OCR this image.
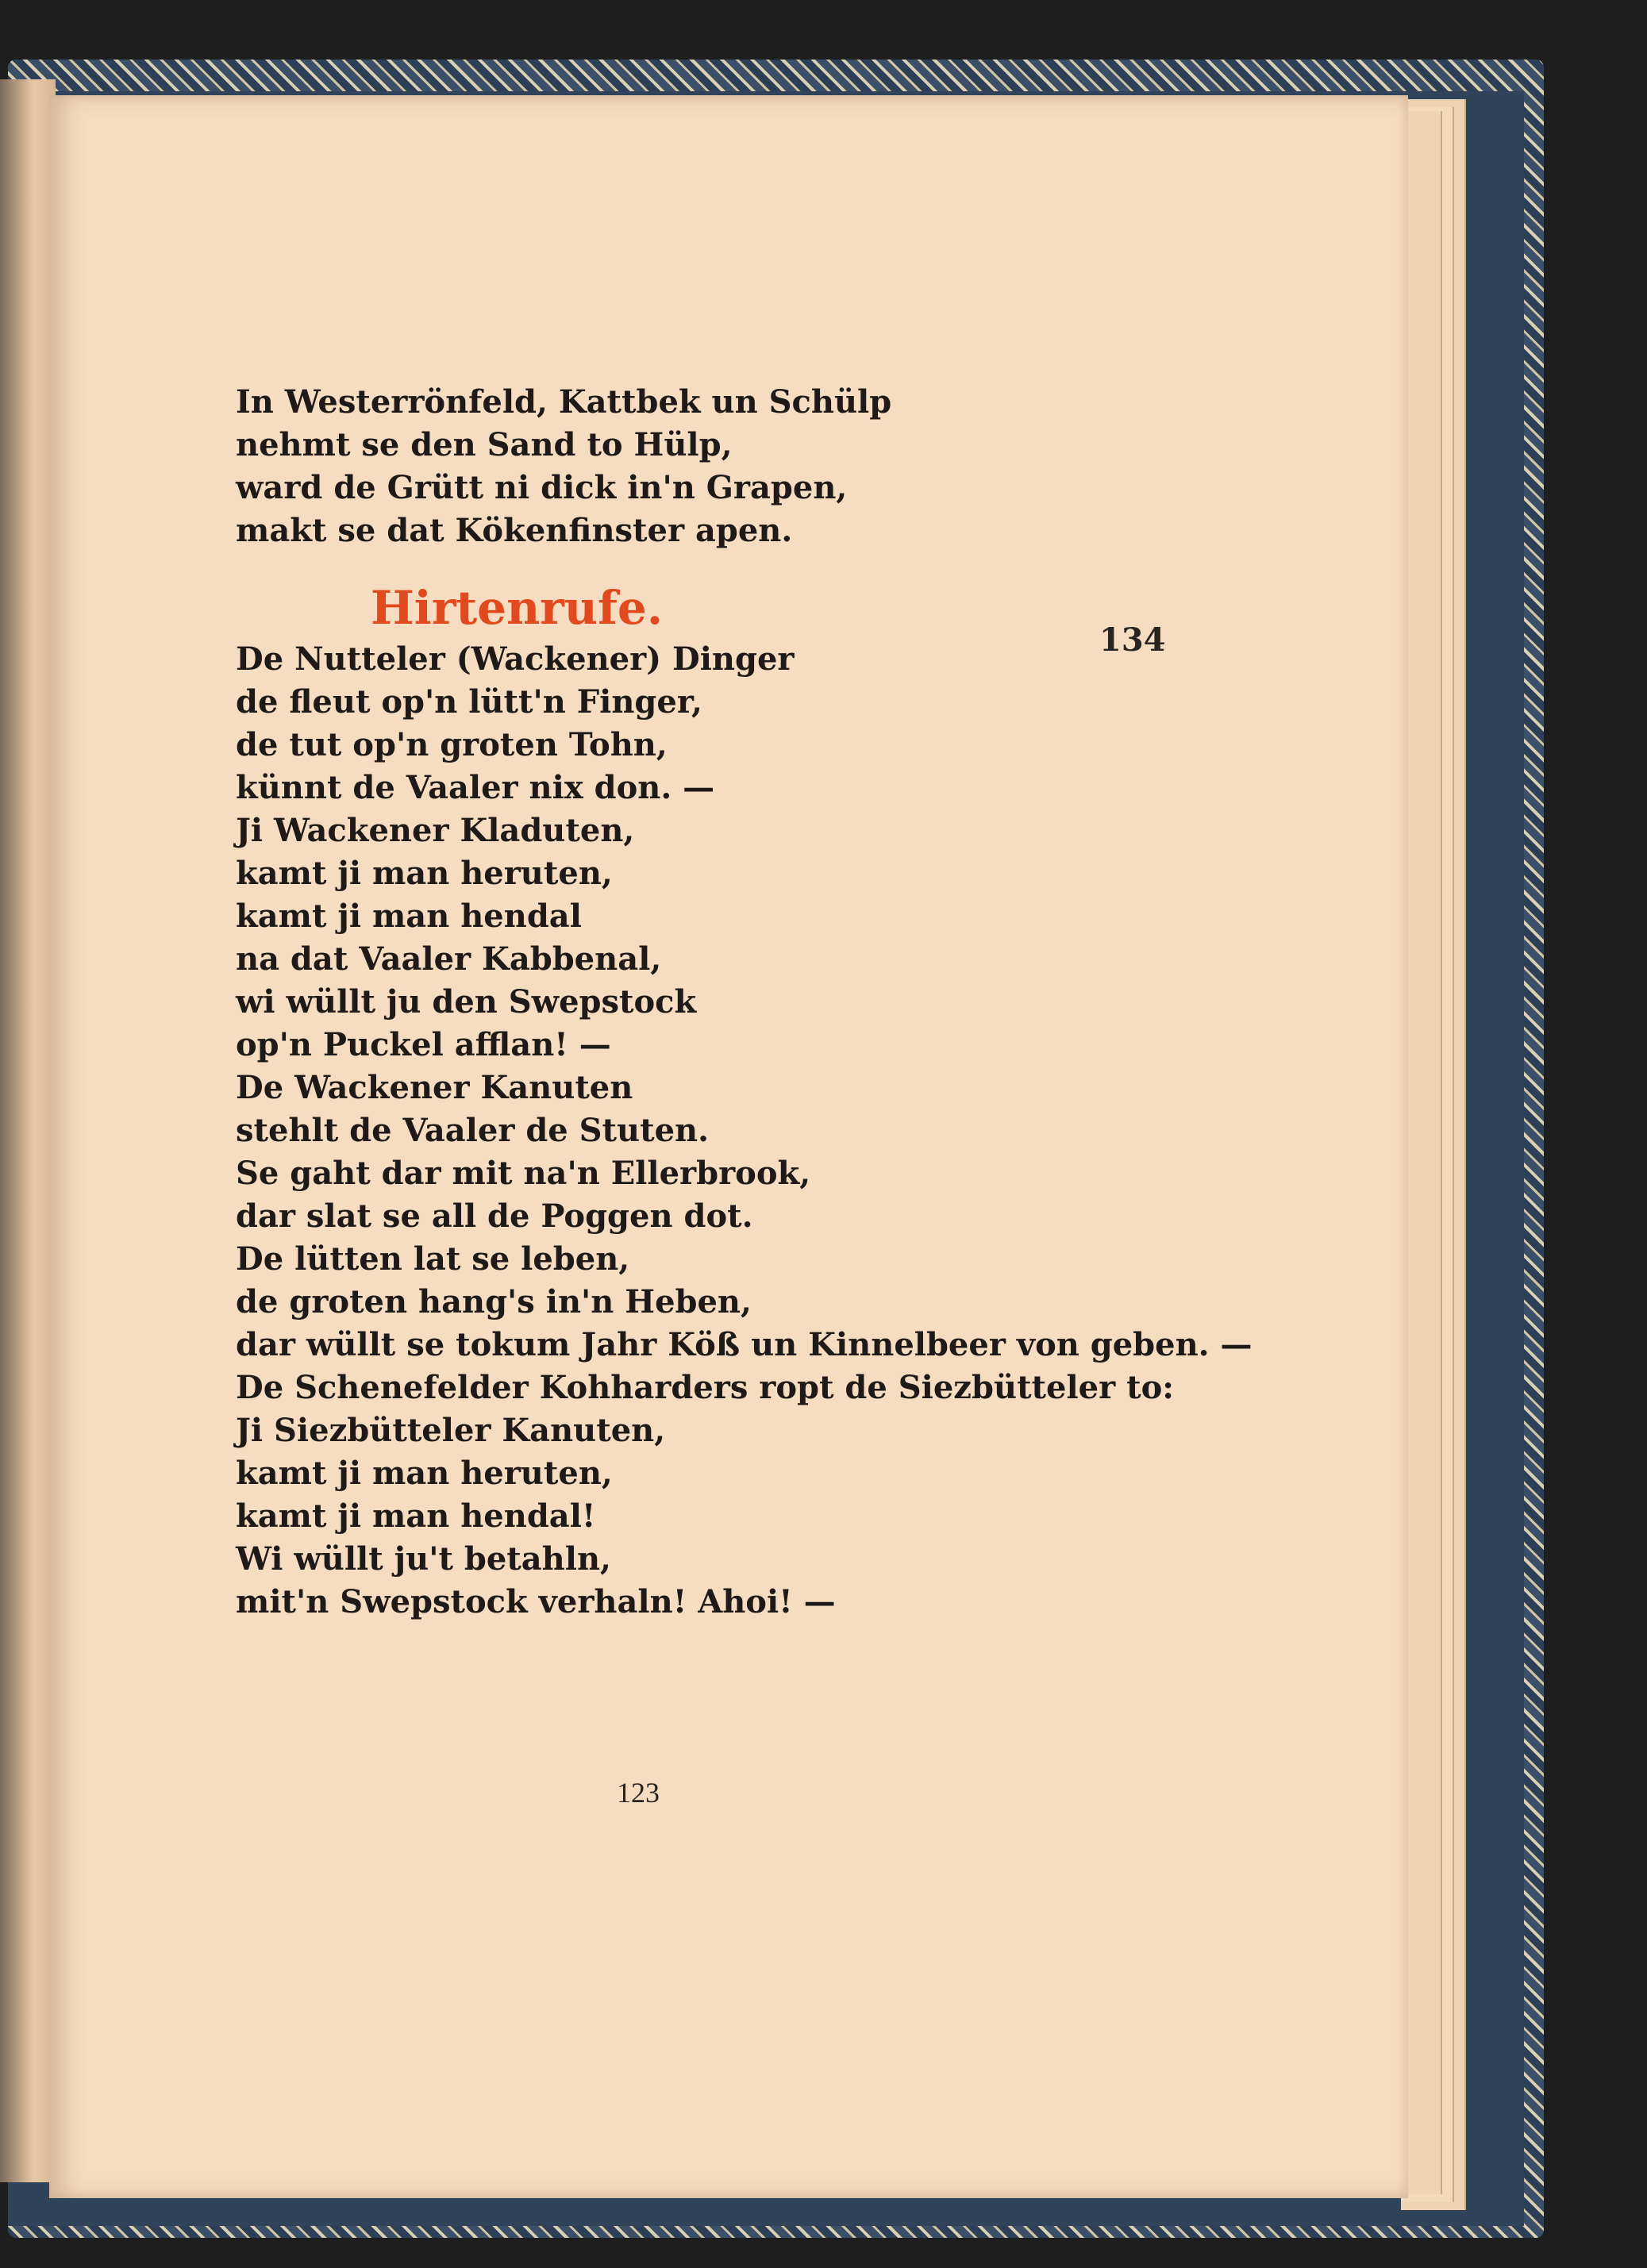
In Westerrönfeld, Kattbek un Schülp
nehmt se den Sand to Hülp,
ward de Grütt ni dick in'n Grapen,
makt se dat Kökenfinster apen.
Hirtenrufe.
De Nutteler (Wackener) Dinger
de fleut op'n lütt'n Finger,
de tut op'n groten Tohn,
künnt de Vaaler nix don. —
Ji Wackener Kladuten,
kamt ji man heruten,
kamt ji man hendal
na dat Vaaler Kabbenal,
wi wüllt ju den Swepstock
op'n Puckel afflan! —
De Wackener Kanuten
stehlt de Vaaler de Stuten.
Se gaht dar mit na'n Ellerbrook,
dar slat se all de Poggen dot.
De lütten lat se leben,
de groten hang's in'n Heben,
dar wüllt se tokum Jahr Köß un Kinnelbeer von geben. —
De Schenefelder Kohharders ropt de Siezbütteler to:
Ji Siezbütteler Kanuten,
kamt ji man heruten,
kamt ji man hendal!
Wi wüllt ju't betahln,
mit'n Swepstock verhaln! Ahoi! —
134
123
